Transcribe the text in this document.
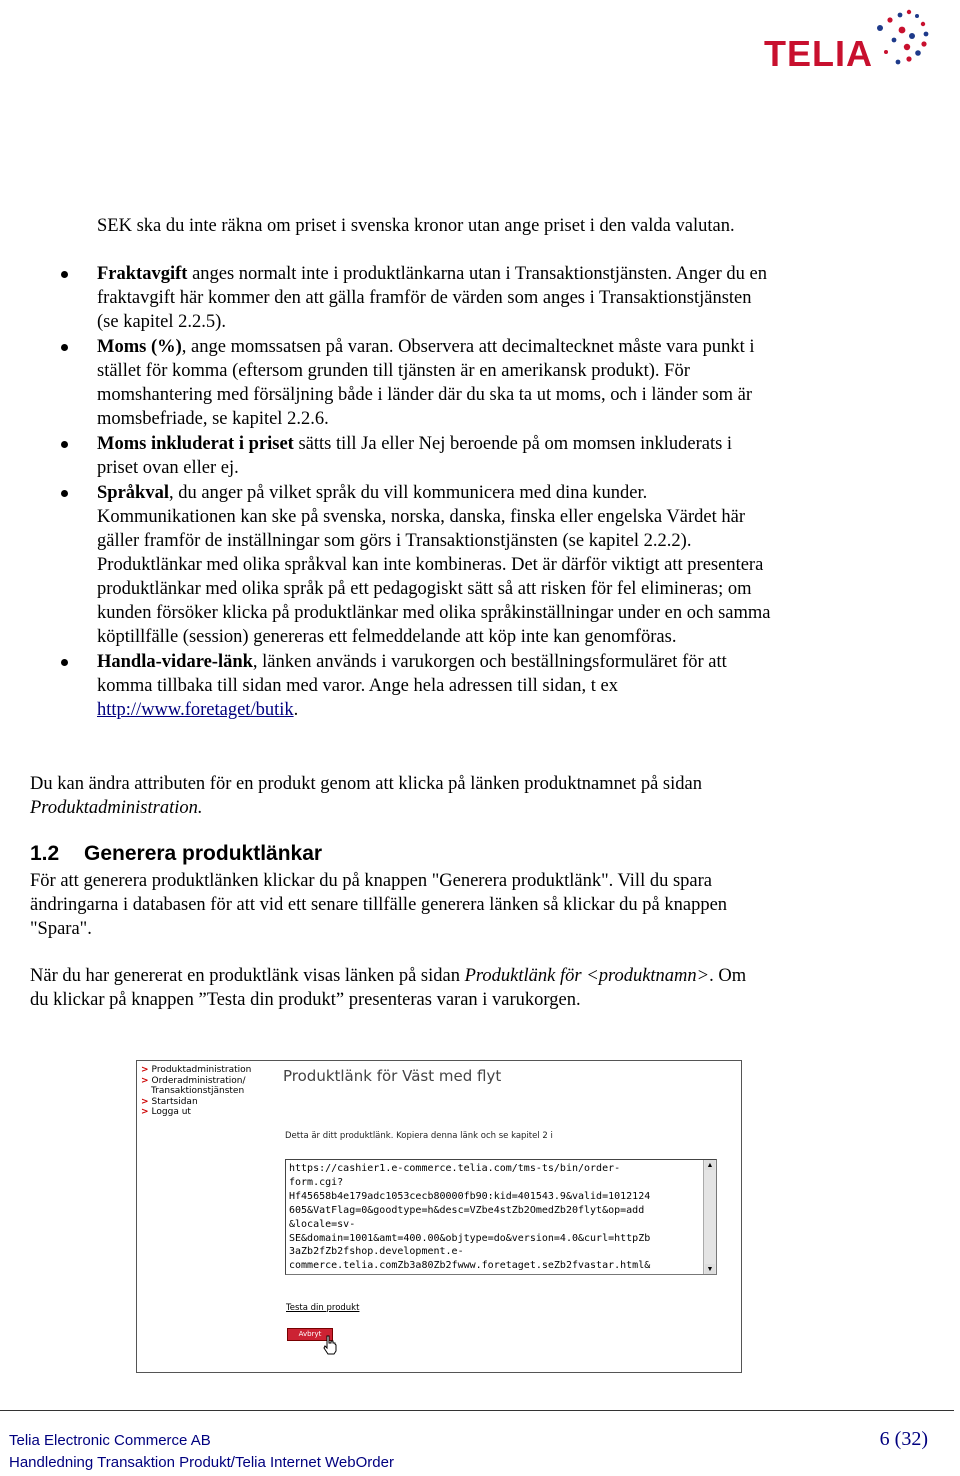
TELIA
SEK ska du inte räkna om priset i svenska kronor utan ange priset i den valda valutan.
Fraktavgift anges normalt inte i produktlänkarna utan i Transaktionstjänsten. Anger du en fraktavgift här kommer den att gälla framför de värden som anges i Transaktionstjänsten (se kapitel 2.2.5).
Moms (%), ange momssatsen på varan. Observera att decimaltecknet måste vara punkt i stället för komma (eftersom grunden till tjänsten är en amerikansk produkt). För momshantering med försäljning både i länder där du ska ta ut moms, och i länder som är momsbefriade, se kapitel 2.2.6.
Moms inkluderat i priset sätts till Ja eller Nej beroende på om momsen inkluderats i priset ovan eller ej.
Språkval, du anger på vilket språk du vill kommunicera med dina kunder. Kommunikationen kan ske på svenska, norska, danska, finska eller engelska Värdet här gäller framför de inställningar som görs i Transaktionstjänsten (se kapitel 2.2.2). Produktlänkar med olika språkval kan inte kombineras. Det är därför viktigt att presentera produktlänkar med olika språk på ett pedagogiskt sätt så att risken för fel elimineras; om kunden försöker klicka på produktlänkar med olika språkinställningar under en och samma köptillfälle (session) genereras ett felmeddelande att köp inte kan genomföras.
Handla-vidare-länk, länken används i varukorgen och beställningsformuläret för att komma tillbaka till sidan med varor. Ange hela adressen till sidan, t ex http://www.foretaget/butik.
Du kan ändra attributen för en produkt genom att klicka på länken produktnamnet på sidan Produktadministration.
1.2 Generera produktlänkar
För att generera produktlänken klickar du på knappen "Generera produktlänk". Vill du spara ändringarna i databasen för att vid ett senare tillfälle generera länken så klickar du på knappen "Spara".
När du har genererat en produktlänk visas länken på sidan Produktlänk för <produktnamn>. Om du klickar på knappen ”Testa din produkt” presenteras varan i varukorgen.
> Produktadministration
> Orderadministration/
Transaktionstjänsten
> Startsidan
> Logga ut
Produktlänk för Väst med flyt
Detta är ditt produktlänk. Kopiera denna länk och se kapitel 2 i
https://cashier1.e-commerce.telia.com/tms-ts/bin/order-
form.cgi?
Hf45658b4e179adc1053cecb80000fb90:kid=401543.9&valid=1012124
605&VatFlag=0&goodtype=h&desc=VZbe4stZb2OmedZb20flyt&op=add
&locale=sv-
SE&domain=1001&amt=400.00&objtype=do&version=4.0&curl=httpZb
3aZb2fZb2fshop.development.e-
commerce.telia.comZb3a80Zb2fwww.foretaget.seZb2fvastar.html&
▲
▼
Testa din produkt
Avbryt
Telia Electronic Commerce AB
Handledning Transaktion Produkt/Telia Internet WebOrder
6 (32)
